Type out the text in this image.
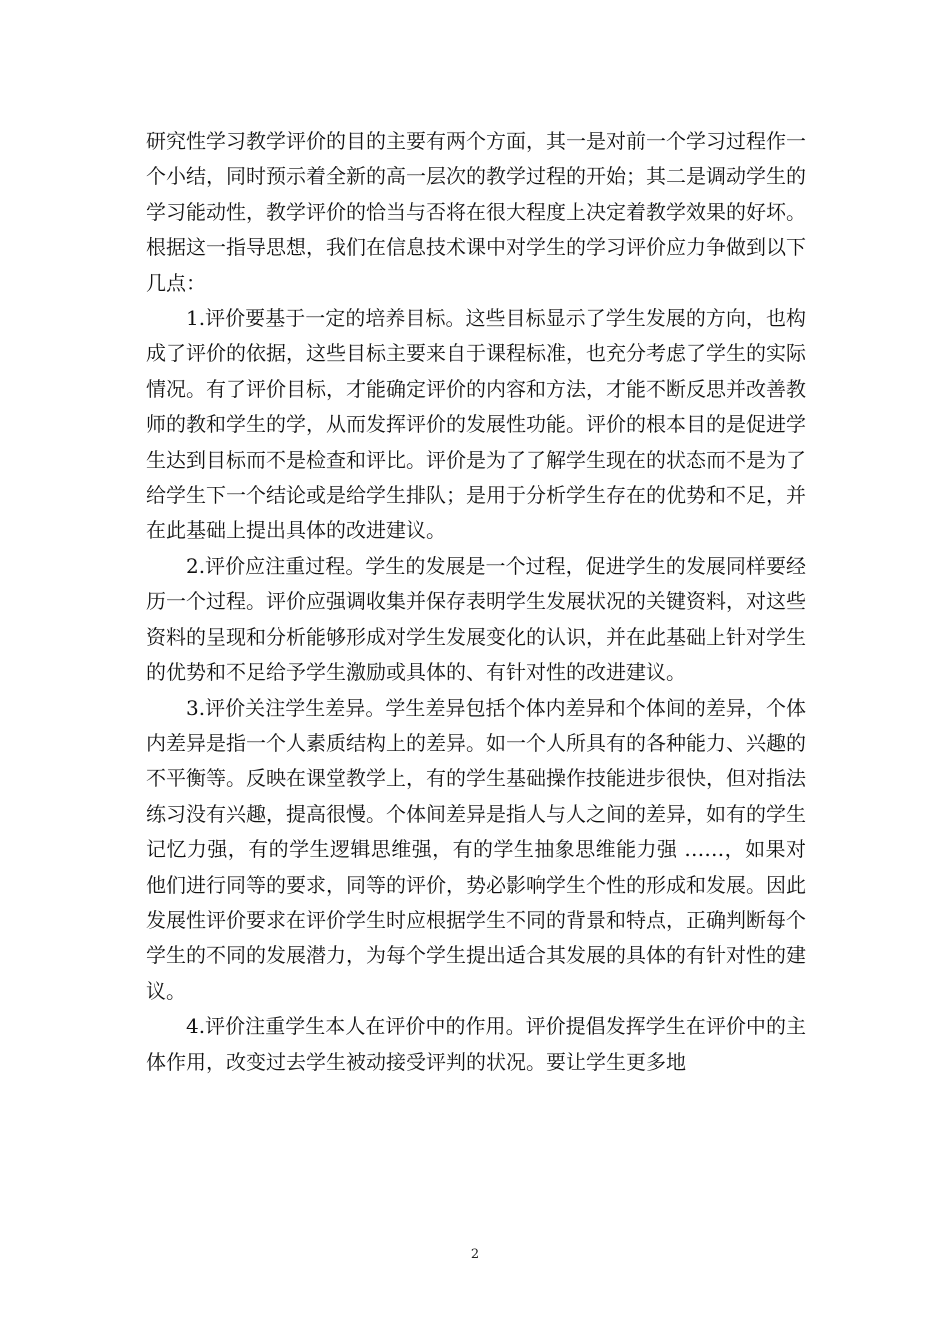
研究性学习教学评价的目的主要有两个方面，其一是对前一个学习过程作一个小结，同时预示着全新的高一层次的教学过程的开始；其二是调动学生的学习能动性，教学评价的恰当与否将在很大程度上决定着教学效果的好坏。根据这一指导思想，我们在信息技术课中对学生的学习评价应力争做到以下几点：

1.评价要基于一定的培养目标。这些目标显示了学生发展的方向，也构成了评价的依据，这些目标主要来自于课程标准，也充分考虑了学生的实际情况。有了评价目标，才能确定评价的内容和方法，才能不断反思并改善教师的教和学生的学，从而发挥评价的发展性功能。评价的根本目的是促进学生达到目标而不是检查和评比。评价是为了了解学生现在的状态而不是为了给学生下一个结论或是给学生排队；是用于分析学生存在的优势和不足，并在此基础上提出具体的改进建议。

2.评价应注重过程。学生的发展是一个过程，促进学生的发展同样要经历一个过程。评价应强调收集并保存表明学生发展状况的关键资料，对这些资料的呈现和分析能够形成对学生发展变化的认识，并在此基础上针对学生的优势和不足给予学生激励或具体的、有针对性的改进建议。

3.评价关注学生差异。学生差异包括个体内差异和个体间的差异，个体内差异是指一个人素质结构上的差异。如一个人所具有的各种能力、兴趣的不平衡等。反映在课堂教学上，有的学生基础操作技能进步很快，但对指法练习没有兴趣，提高很慢。个体间差异是指人与人之间的差异，如有的学生记忆力强，有的学生逻辑思维强，有的学生抽象思维能力强 ……，如果对他们进行同等的要求，同等的评价，势必影响学生个性的形成和发展。因此发展性评价要求在评价学生时应根据学生不同的背景和特点，正确判断每个学生的不同的发展潜力，为每个学生提出适合其发展的具体的有针对性的建议。

4.评价注重学生本人在评价中的作用。评价提倡发挥学生在评价中的主体作用，改变过去学生被动接受评判的状况。要让学生更多地

2
